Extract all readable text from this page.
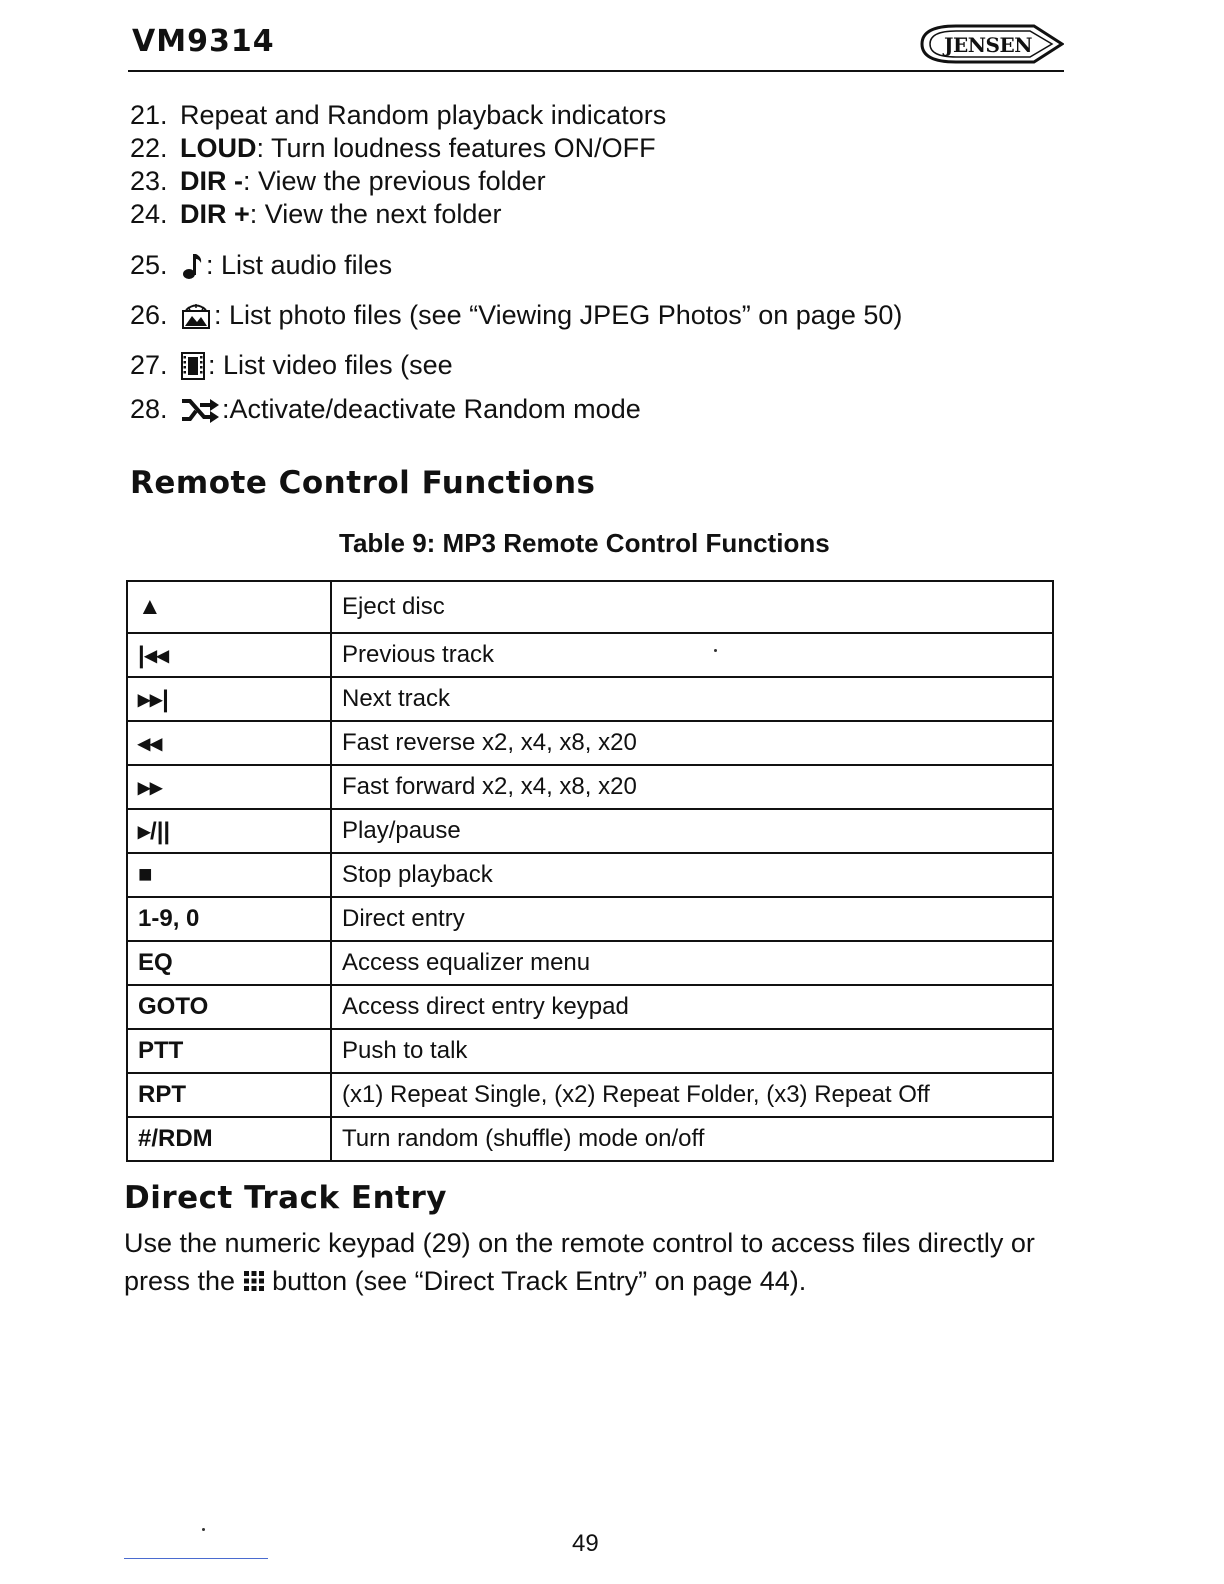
VM9314	JENSEN
21. Repeat and Random playback indicators
22. LOUD : Turn loudness features ON/OFF
23. DIR - : View the previous folder
24. DIR + : View the next folder
25.	: List audio files
26.	: List photo files (see “Viewing JPEG Photos” on page 50)
27.	: List video files (see
28.	:Activate/deactivate Random mode
Remote Control Functions
Table 9: MP3 Remote Control Functions
▲	Eject disc
|◂◂	Previous track
▸▸|	Next track
◂◂	Fast reverse x2, x4, x8, x20
▸▸	Fast forward x2, x4, x8, x20
▸/||	Play/pause
■	Stop playback
1-9, 0	Direct entry
EQ	Access equalizer menu
GOTO	Access direct entry keypad
PTT	Push to talk
RPT	(x1) Repeat Single, (x2) Repeat Folder, (x3) Repeat Off
#/RDM	Turn random (shuffle) mode on/off
Direct Track Entry
Use the numeric keypad (29) on the remote control to access files directly or press the  button (see “Direct Track Entry” on page 44).
49
